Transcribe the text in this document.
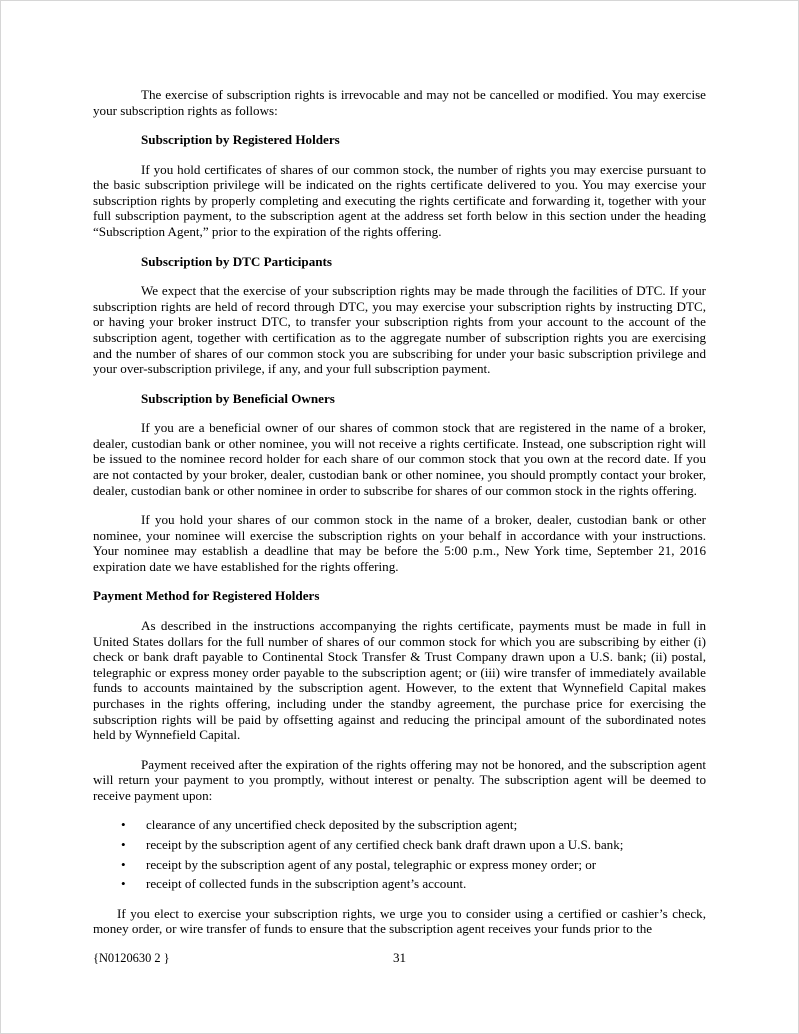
The exercise of subscription rights is irrevocable and may not be cancelled or modified. You may exercise your subscription rights as follows:

Subscription by Registered Holders

If you hold certificates of shares of our common stock, the number of rights you may exercise pursuant to the basic subscription privilege will be indicated on the rights certificate delivered to you. You may exercise your subscription rights by properly completing and executing the rights certificate and forwarding it, together with your full subscription payment, to the subscription agent at the address set forth below in this section under the heading “Subscription Agent,” prior to the expiration of the rights offering.

Subscription by DTC Participants

We expect that the exercise of your subscription rights may be made through the facilities of DTC. If your subscription rights are held of record through DTC, you may exercise your subscription rights by instructing DTC, or having your broker instruct DTC, to transfer your subscription rights from your account to the account of the subscription agent, together with certification as to the aggregate number of subscription rights you are exercising and the number of shares of our common stock you are subscribing for under your basic subscription privilege and your over-subscription privilege, if any, and your full subscription payment.

Subscription by Beneficial Owners

If you are a beneficial owner of our shares of common stock that are registered in the name of a broker, dealer, custodian bank or other nominee, you will not receive a rights certificate. Instead, one subscription right will be issued to the nominee record holder for each share of our common stock that you own at the record date. If you are not contacted by your broker, dealer, custodian bank or other nominee, you should promptly contact your broker, dealer, custodian bank or other nominee in order to subscribe for shares of our common stock in the rights offering.

If you hold your shares of our common stock in the name of a broker, dealer, custodian bank or other nominee, your nominee will exercise the subscription rights on your behalf in accordance with your instructions. Your nominee may establish a deadline that may be before the 5:00 p.m., New York time, September 21, 2016 expiration date we have established for the rights offering.

Payment Method for Registered Holders

As described in the instructions accompanying the rights certificate, payments must be made in full in United States dollars for the full number of shares of our common stock for which you are subscribing by either (i) check or bank draft payable to Continental Stock Transfer & Trust Company drawn upon a U.S. bank; (ii) postal, telegraphic or express money order payable to the subscription agent; or (iii) wire transfer of immediately available funds to accounts maintained by the subscription agent. However, to the extent that Wynnefield Capital makes purchases in the rights offering, including under the standby agreement, the purchase price for exercising the subscription rights will be paid by offsetting against and reducing the principal amount of the subordinated notes held by Wynnefield Capital.

Payment received after the expiration of the rights offering may not be honored, and the subscription agent will return your payment to you promptly, without interest or penalty. The subscription agent will be deemed to receive payment upon:

•	clearance of any uncertified check deposited by the subscription agent;
•	receipt by the subscription agent of any certified check bank draft drawn upon a U.S. bank;
•	receipt by the subscription agent of any postal, telegraphic or express money order; or
•	receipt of collected funds in the subscription agent’s account.

If you elect to exercise your subscription rights, we urge you to consider using a certified or cashier’s check, money order, or wire transfer of funds to ensure that the subscription agent receives your funds prior to the

{N0120630 2 }	31
